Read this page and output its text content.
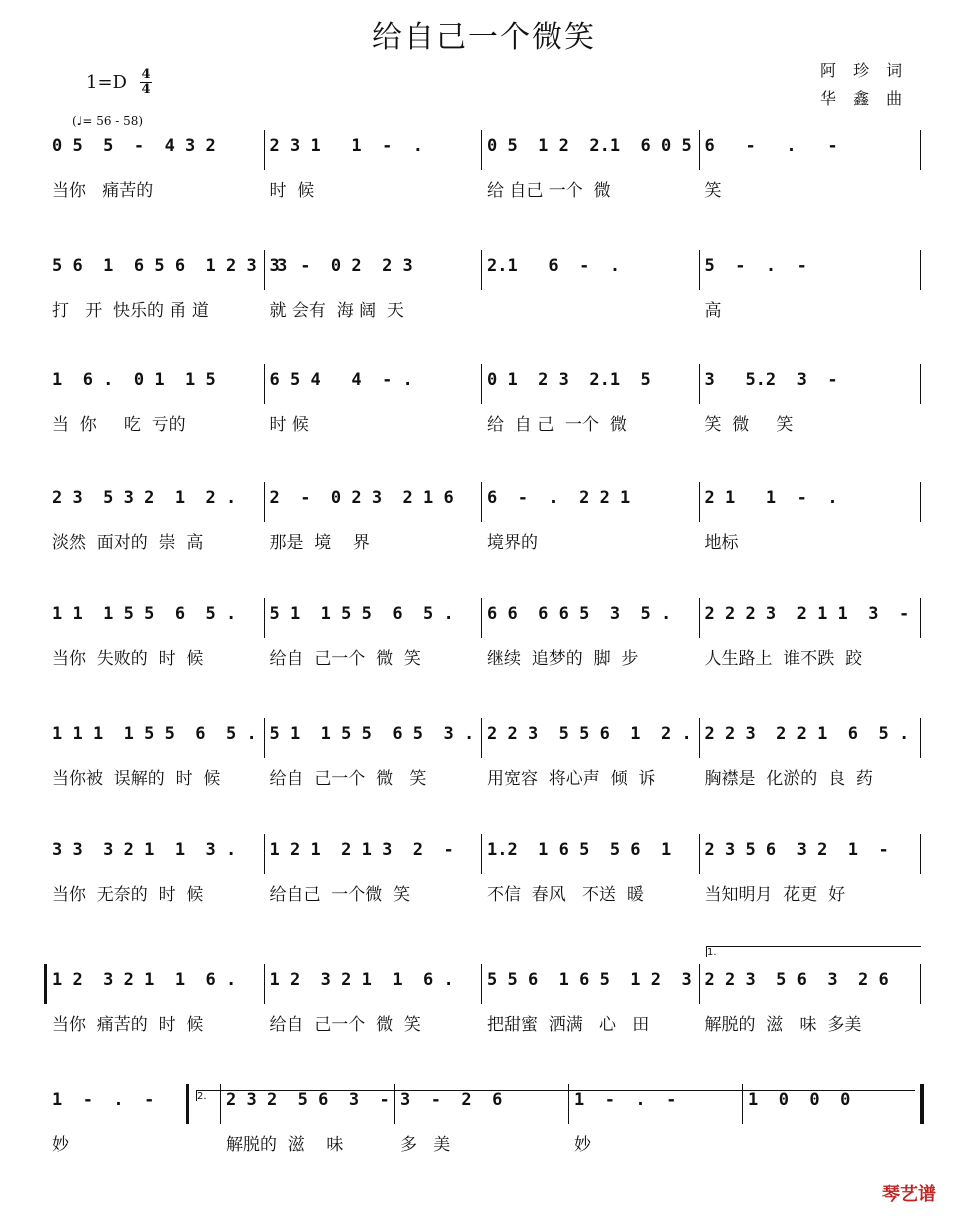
给自己一个微笑
阿 珍 词
华 鑫 曲
1=D 4
4
(♩= 56 - 58)
0 5  5  -  4 3 2
当你   痛苦的
2 3 1   1  -  .
时  候
0 5  1 2  2.1  6 0 5
给 自己 一个  微
6   -   .   -
笑
5 6  1  6 5 6  1 2 3  3
打   开  快乐的 甬 道
3  -  0 2  2 3
就 会有  海 阔  天
2.1   6  -  .	5  -  .  -
高
1  6 .  0 1  1 5
当  你     吃  亏的
6 5 4   4  - .
时 候
0 1  2 3  2.1  5
给  自 己  一个  微
3   5.2  3  -
笑  微     笑
2 3  5 3 2  1  2 .
淡然  面对的  崇  高
2  -  0 2 3  2 1 6
那是  境    界
6  -  .  2 2 1
境界的
2 1   1  -  .
地标
1 1  1 5 5  6  5 .
当你  失败的  时  候
5 1  1 5 5  6  5 .
给自  己一个  微  笑
6 6  6 6 5  3  5 .
继续  追梦的  脚  步
2 2 2 3  2 1 1  3  -
人生路上  谁不跌  跤
1 1 1  1 5 5  6  5 .
当你被  误解的  时  候
5 1  1 5 5  6 5  3 .
给自  己一个  微   笑
2 2 3  5 5 6  1  2 .
用宽容  将心声  倾  诉
2 2 3  2 2 1  6  5 .
胸襟是  化淤的  良  药
3 3  3 2 1  1  3 .
当你  无奈的  时  候
1 2 1  2 1 3  2  -
给自己  一个微  笑
1.2  1 6 5  5 6  1
不信  春风   不送  暖
2 3 5 6  3 2  1  -
当知明月  花更  好
1 2  3 2 1  1  6 .
当你  痛苦的  时  候
1 2  3 2 1  1  6 .
给自  己一个  微  笑
5 5 6  1 6 5  1 2  3 .
把甜蜜  洒满   心   田
2 2 3  5 6  3  2 6
解脱的  滋   味  多美
1  -  .  -
妙
2 3 2  5 6  3  -
解脱的  滋    味
3  -  2  6
多   美
1  -  .  -
妙
1  0  0  0
1.
2.
琴艺谱
